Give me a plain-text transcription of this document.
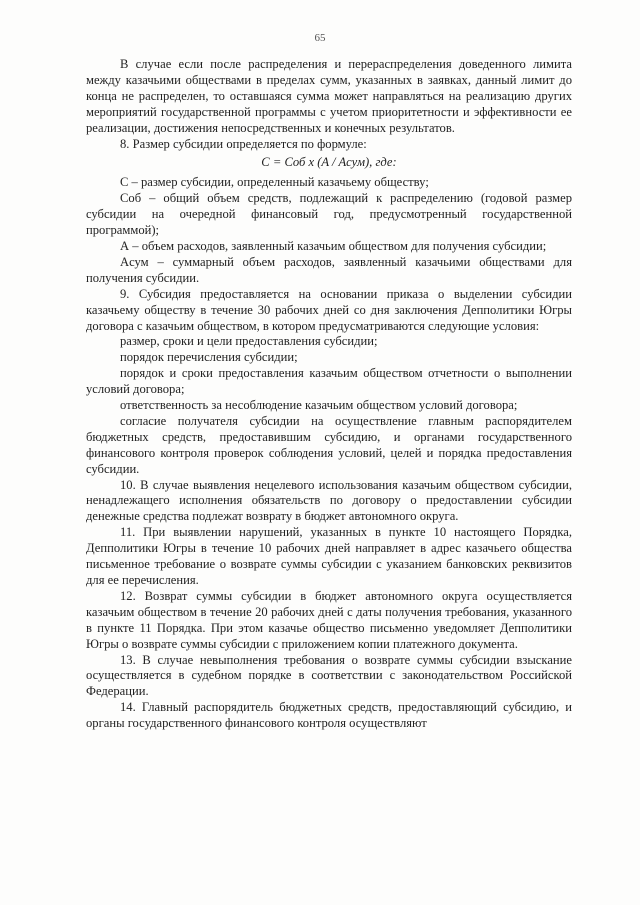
65

В случае если после распределения и перераспределения доведенного лимита между казачьими обществами в пределах сумм, указанных в заявках, данный лимит до конца не распределен, то оставшаяся сумма может направляться на реализацию других мероприятий государственной программы с учетом приоритетности и эффективности ее реализации, достижения непосредственных и конечных результатов.

8. Размер субсидии определяется по формуле:

C = Cоб x (A / Aсум), где:

С – размер субсидии, определенный казачьему обществу;

Cоб – общий объем средств, подлежащий к распределению (годовой размер субсидии на очередной финансовый год, предусмотренный государственной программой);

А – объем расходов, заявленный казачьим обществом для получения субсидии;

Aсум – суммарный объем расходов, заявленный казачьими обществами для получения субсидии.

9. Субсидия предоставляется на основании приказа о выделении субсидии казачьему обществу в течение 30 рабочих дней со дня заключения Депполитики Югры договора с казачьим обществом, в котором предусматриваются следующие условия:

размер, сроки и цели предоставления субсидии;

порядок перечисления субсидии;

порядок и сроки предоставления казачьим обществом отчетности о выполнении условий договора;

ответственность за несоблюдение казачьим обществом условий договора;

согласие получателя субсидии на осуществление главным распорядителем бюджетных средств, предоставившим субсидию, и органами государственного финансового контроля проверок соблюдения условий, целей и порядка предоставления субсидии.

10. В случае выявления нецелевого использования казачьим обществом субсидии, ненадлежащего исполнения обязательств по договору о предоставлении субсидии денежные средства подлежат возврату в бюджет автономного округа.

11. При выявлении нарушений, указанных в пункте 10 настоящего Порядка, Депполитики Югры в течение 10 рабочих дней направляет в адрес казачьего общества письменное требование о возврате суммы субсидии с указанием банковских реквизитов для ее перечисления.

12. Возврат суммы субсидии в бюджет автономного округа осуществляется казачьим обществом в течение 20 рабочих дней с даты получения требования, указанного в пункте 11 Порядка. При этом казачье общество письменно уведомляет Депполитики Югры о возврате суммы субсидии с приложением копии платежного документа.

13. В случае невыполнения требования о возврате суммы субсидии взыскание осуществляется в судебном порядке в соответствии с законодательством Российской Федерации.

14. Главный распорядитель бюджетных средств, предоставляющий субсидию, и органы государственного финансового контроля осуществляют
